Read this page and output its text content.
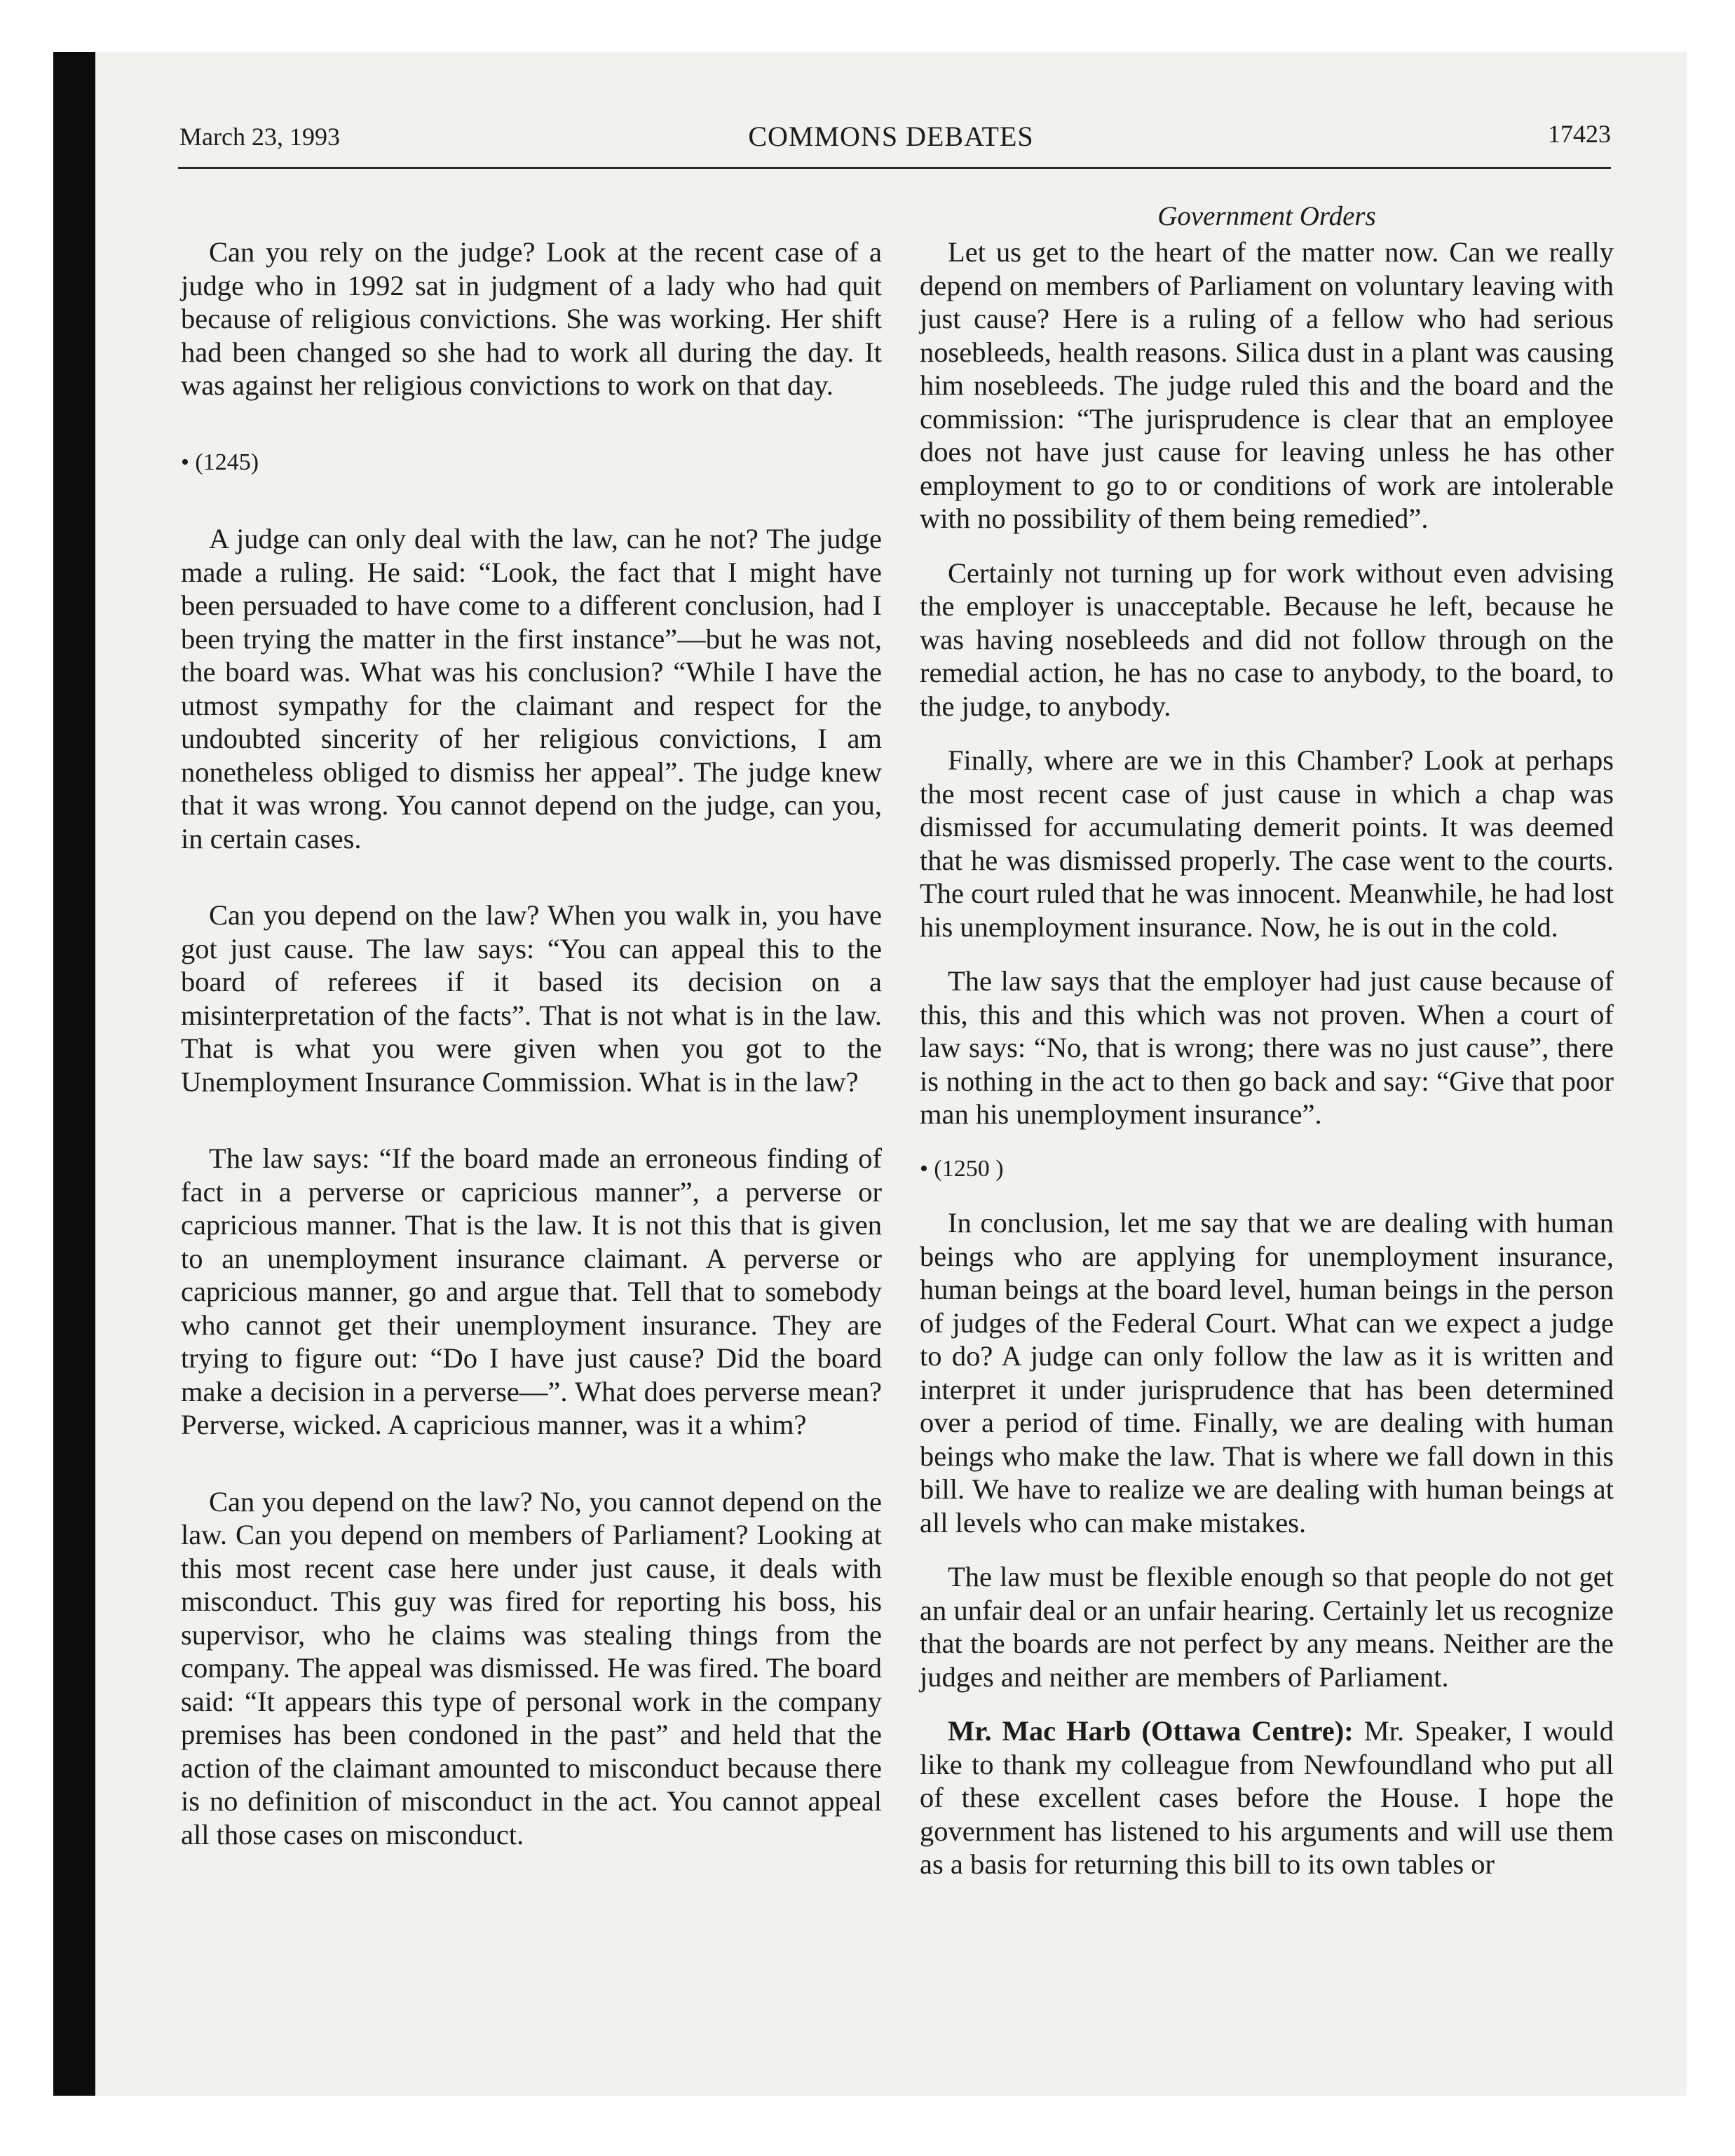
March 23, 1993	COMMONS DEBATES	17423
Government Orders

Can you rely on the judge? Look at the recent case of a judge who in 1992 sat in judgment of a lady who had quit because of religious convictions. She was working. Her shift had been changed so she had to work all during the day. It was against her religious convictions to work on that day.

• (1245)

A judge can only deal with the law, can he not? The judge made a ruling. He said: “Look, the fact that I might have been persuaded to have come to a different conclusion, had I been trying the matter in the first instance”—but he was not, the board was. What was his conclusion? “While I have the utmost sympathy for the claimant and respect for the undoubted sincerity of her religious convictions, I am nonetheless obliged to dismiss her appeal”. The judge knew that it was wrong. You cannot depend on the judge, can you, in certain cases.

Can you depend on the law? When you walk in, you have got just cause. The law says: “You can appeal this to the board of referees if it based its decision on a misinterpretation of the facts”. That is not what is in the law. That is what you were given when you got to the Unemployment Insurance Commission. What is in the law?

The law says: “If the board made an erroneous finding of fact in a perverse or capricious manner”, a perverse or capricious manner. That is the law. It is not this that is given to an unemployment insurance claimant. A perverse or capricious manner, go and argue that. Tell that to somebody who cannot get their unemployment insurance. They are trying to figure out: “Do I have just cause? Did the board make a decision in a perverse—”. What does perverse mean? Perverse, wicked. A capricious manner, was it a whim?

Can you depend on the law? No, you cannot depend on the law. Can you depend on members of Parliament? Looking at this most recent case here under just cause, it deals with misconduct. This guy was fired for reporting his boss, his supervisor, who he claims was stealing things from the company. The appeal was dismissed. He was fired. The board said: “It appears this type of personal work in the company premises has been condoned in the past” and held that the action of the claimant amounted to misconduct because there is no definition of misconduct in the act. You cannot appeal all those cases on misconduct.

Let us get to the heart of the matter now. Can we really depend on members of Parliament on voluntary leaving with just cause? Here is a ruling of a fellow who had serious nosebleeds, health reasons. Silica dust in a plant was causing him nosebleeds. The judge ruled this and the board and the commission: “The jurisprudence is clear that an employee does not have just cause for leaving unless he has other employment to go to or conditions of work are intolerable with no possibility of them being remedied”.

Certainly not turning up for work without even advising the employer is unacceptable. Because he left, because he was having nosebleeds and did not follow through on the remedial action, he has no case to anybody, to the board, to the judge, to anybody.

Finally, where are we in this Chamber? Look at perhaps the most recent case of just cause in which a chap was dismissed for accumulating demerit points. It was deemed that he was dismissed properly. The case went to the courts. The court ruled that he was innocent. Meanwhile, he had lost his unemployment insurance. Now, he is out in the cold.

The law says that the employer had just cause because of this, this and this which was not proven. When a court of law says: “No, that is wrong; there was no just cause”, there is nothing in the act to then go back and say: “Give that poor man his unemployment insurance”.

• (1250 )

In conclusion, let me say that we are dealing with human beings who are applying for unemployment insurance, human beings at the board level, human beings in the person of judges of the Federal Court. What can we expect a judge to do? A judge can only follow the law as it is written and interpret it under jurisprudence that has been determined over a period of time. Finally, we are dealing with human beings who make the law. That is where we fall down in this bill. We have to realize we are dealing with human beings at all levels who can make mistakes.

The law must be flexible enough so that people do not get an unfair deal or an unfair hearing. Certainly let us recognize that the boards are not perfect by any means. Neither are the judges and neither are members of Parliament.

Mr. Mac Harb (Ottawa Centre): Mr. Speaker, I would like to thank my colleague from Newfoundland who put all of these excellent cases before the House. I hope the government has listened to his arguments and will use them as a basis for returning this bill to its own tables or
